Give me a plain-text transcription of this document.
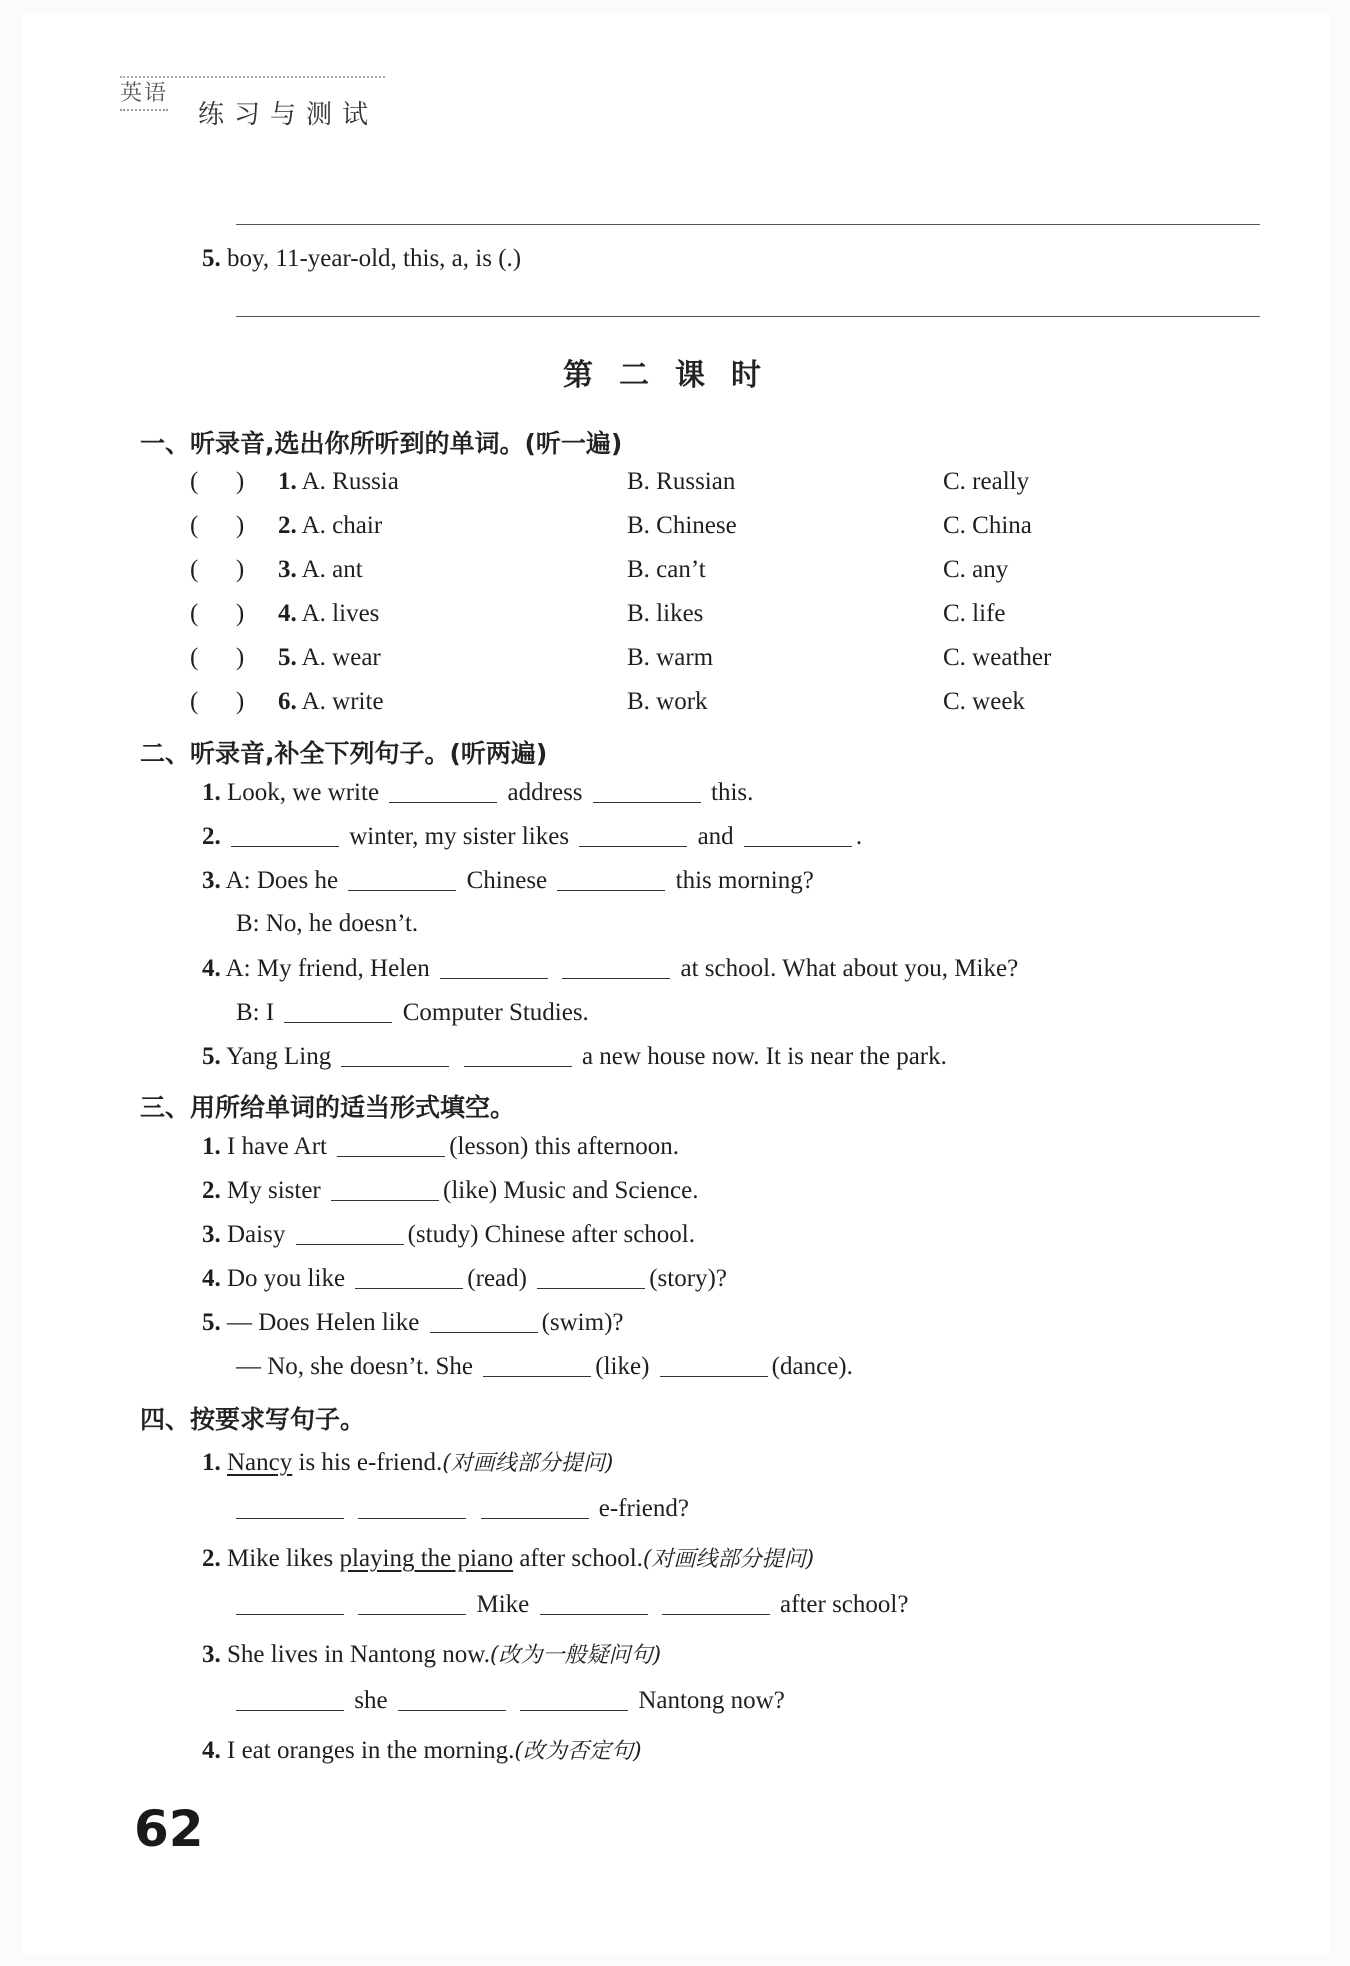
英语
练习与测试
5. boy, 11-year-old, this, a, is (.)
第二课时
一、听录音,选出你所听到的单词。(听一遍)
(      ) 1. A. Russia	B. Russian	C. really
(      ) 2. A. chair	B. Chinese	C. China
(      ) 3. A. ant	B. can’t	C. any
(      ) 4. A. lives	B. likes	C. life
(      ) 5. A. wear	B. warm	C. weather
(      ) 6. A. write	B. work	C. week
二、听录音,补全下列句子。(听两遍)
1. Look, we write	address	this.
2.	winter, my sister likes	and	.
3. A: Does he	Chinese	this morning?
B: No, he doesn’t.
4. A: My friend, Helen	at school. What about you, Mike?
B: I	Computer Studies.
5. Yang Ling	a new house now. It is near the park.
三、用所给单词的适当形式填空。
1. I have Art	(lesson) this afternoon.
2. My sister	(like) Music and Science.
3. Daisy	(study) Chinese after school.
4. Do you like	(read)	(story)?
5. — Does Helen like	(swim)?
— No, she doesn’t. She	(like)	(dance).
四、按要求写句子。
1. Nancy is his e-friend.(对画线部分提问)
e-friend?
2. Mike likes playing the piano after school.(对画线部分提问)
Mike	after school?
3. She lives in Nantong now.(改为一般疑问句)
she	Nantong now?
4. I eat oranges in the morning.(改为否定句)
62
